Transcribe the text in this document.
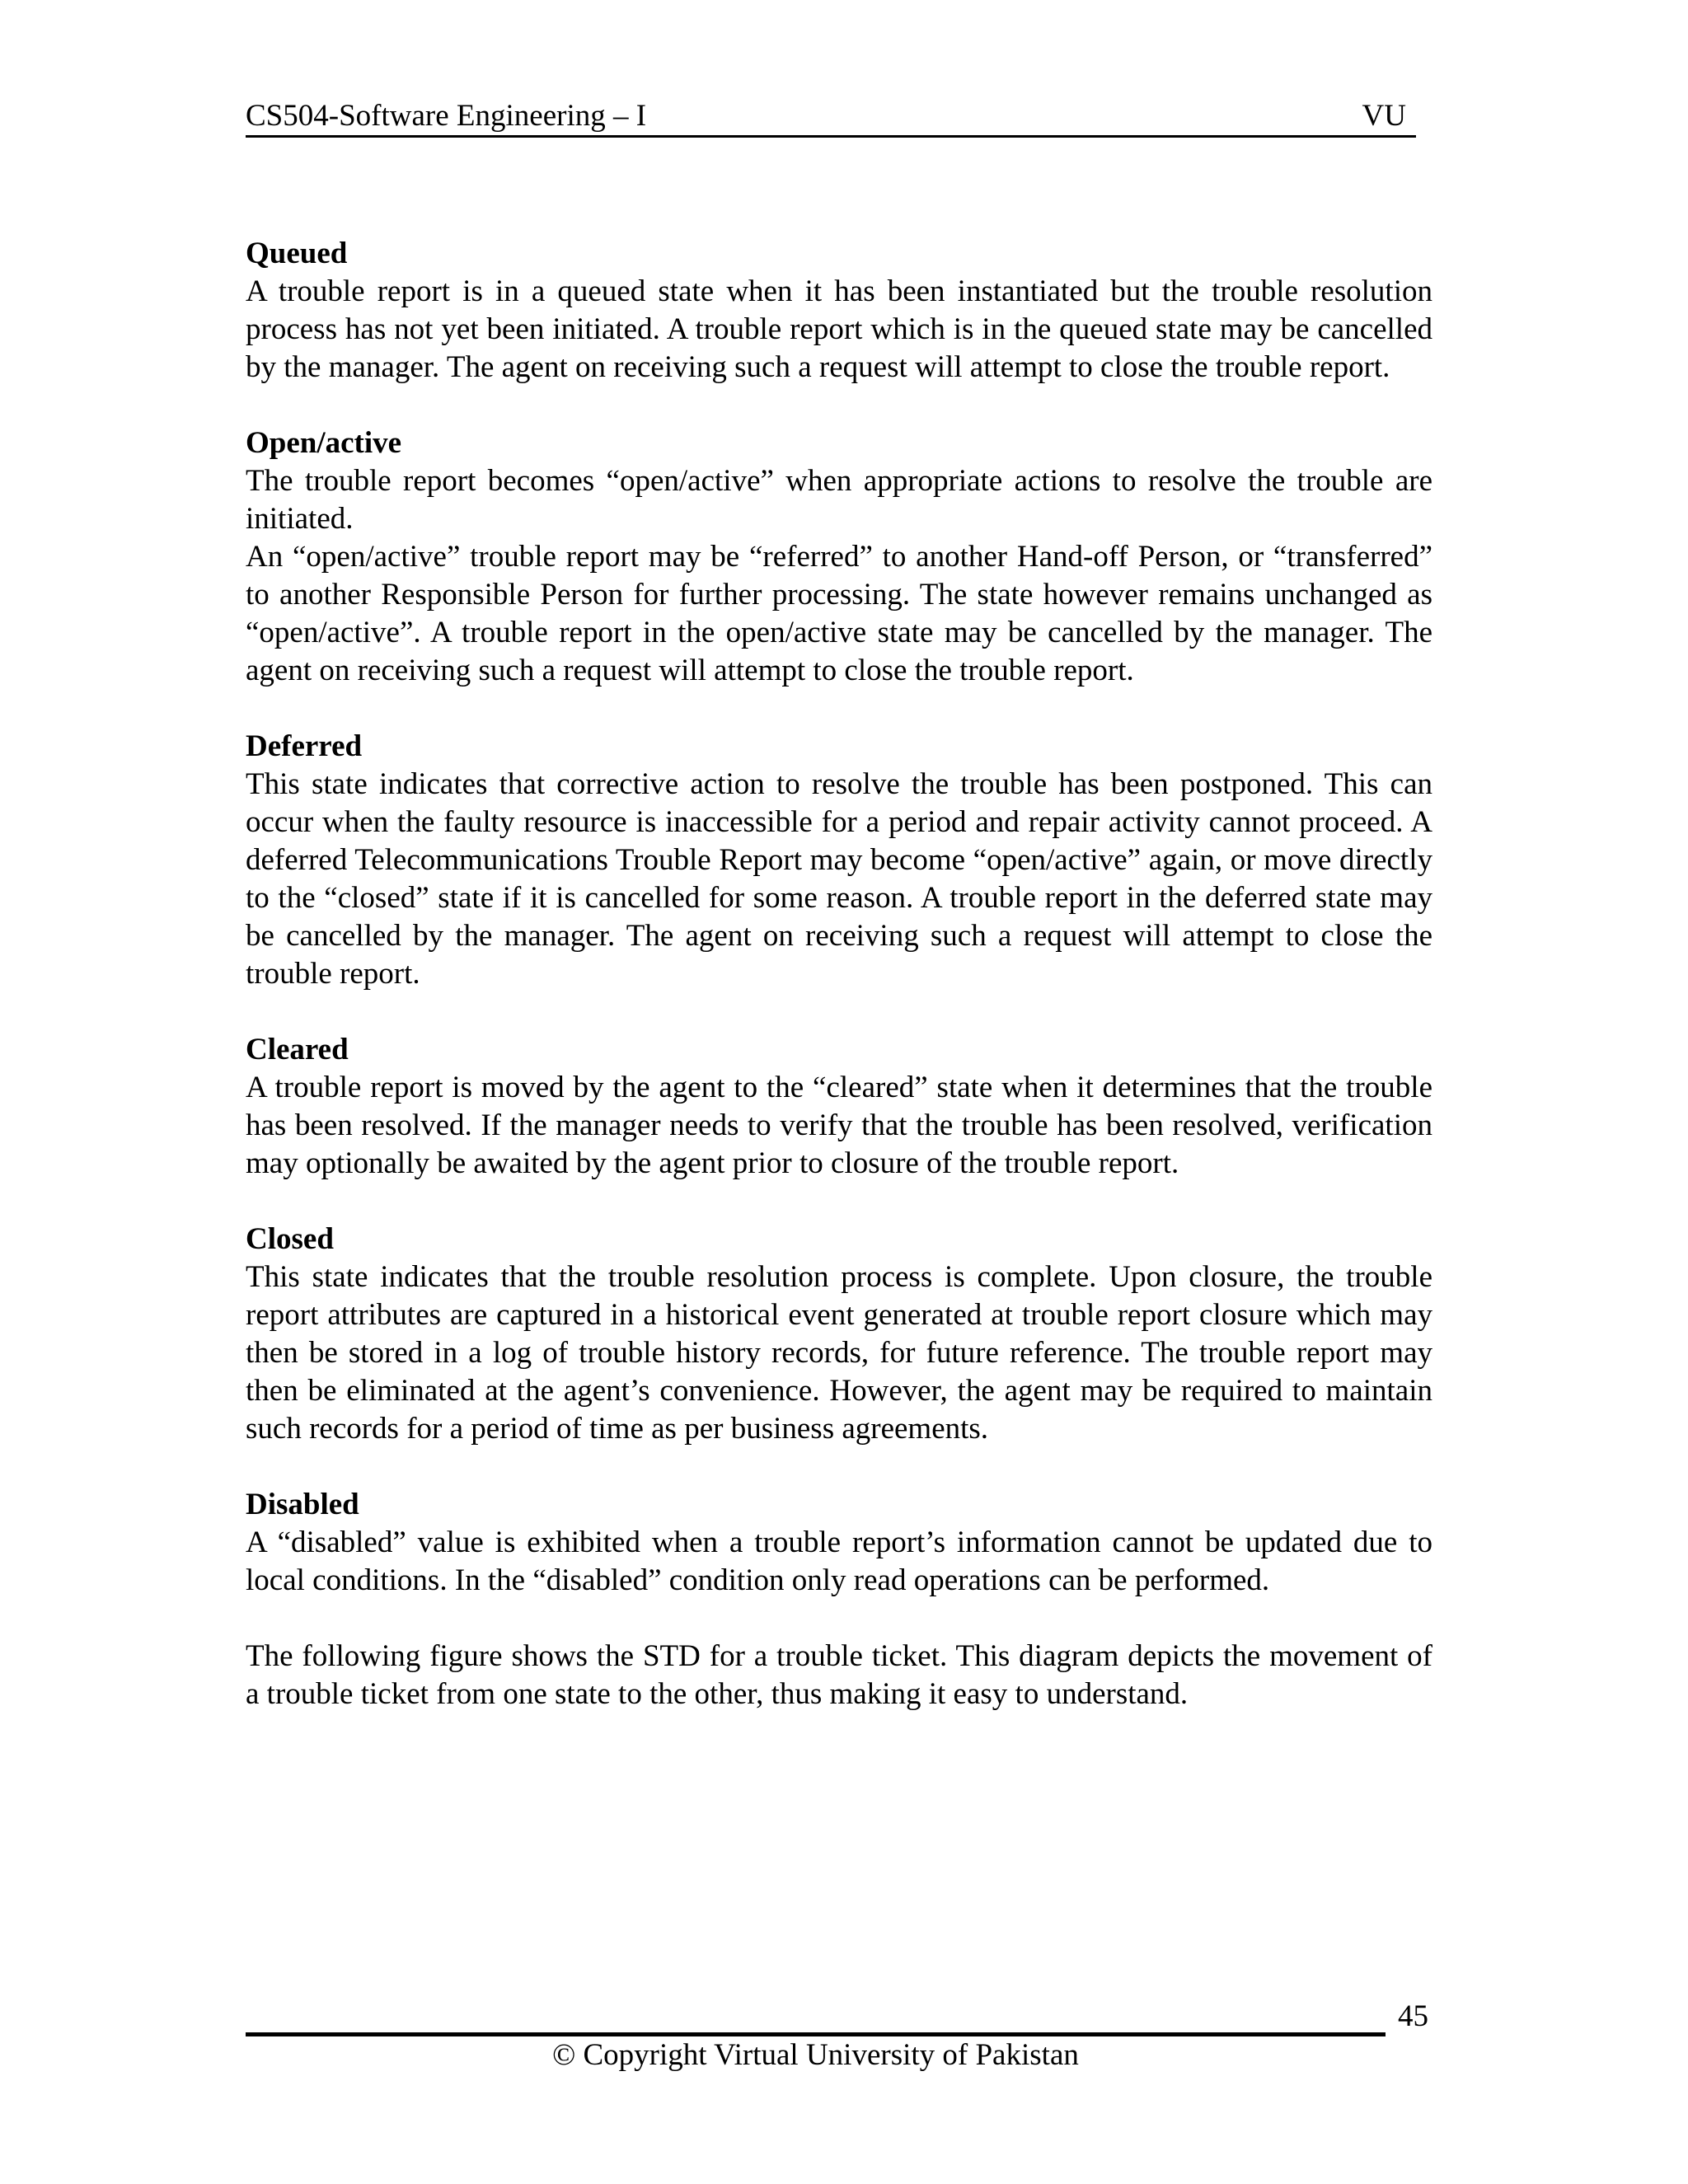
CS504-Software Engineering – I	VU
Queued

A trouble report is in a queued state when it has been instantiated but the trouble resolution process has not yet been initiated. A trouble report which is in the queued state may be cancelled by the manager. The agent on receiving such a request will attempt to close the trouble report.

Open/active

The trouble report becomes “open/active” when appropriate actions to resolve the trouble are initiated.

An “open/active” trouble report may be “referred” to another Hand-off Person, or “transferred” to another Responsible Person for further processing. The state however remains unchanged as “open/active”. A trouble report in the open/active state may be cancelled by the manager. The agent on receiving such a request will attempt to close the trouble report.

Deferred

This state indicates that corrective action to resolve the trouble has been postponed. This can occur when the faulty resource is inaccessible for a period and repair activity cannot proceed. A deferred Telecommunications Trouble Report may become “open/active” again, or move directly to the “closed” state if it is cancelled for some reason. A trouble report in the deferred state may be cancelled by the manager. The agent on receiving such a request will attempt to close the trouble report.

Cleared

A trouble report is moved by the agent to the “cleared” state when it determines that the trouble has been resolved. If the manager needs to verify that the trouble has been resolved, verification may optionally be awaited by the agent prior to closure of the trouble report.

Closed

This state indicates that the trouble resolution process is complete. Upon closure, the trouble report attributes are captured in a historical event generated at trouble report closure which may then be stored in a log of trouble history records, for future reference. The trouble report may then be eliminated at the agent’s convenience. However, the agent may be required to maintain such records for a period of time as per business agreements.

Disabled

A “disabled” value is exhibited when a trouble report’s information cannot be updated due to local conditions. In the “disabled” condition only read operations can be performed.

The following figure shows the STD for a trouble ticket. This diagram depicts the movement of a trouble ticket from one state to the other, thus making it easy to understand.

45
© Copyright Virtual University of Pakistan
